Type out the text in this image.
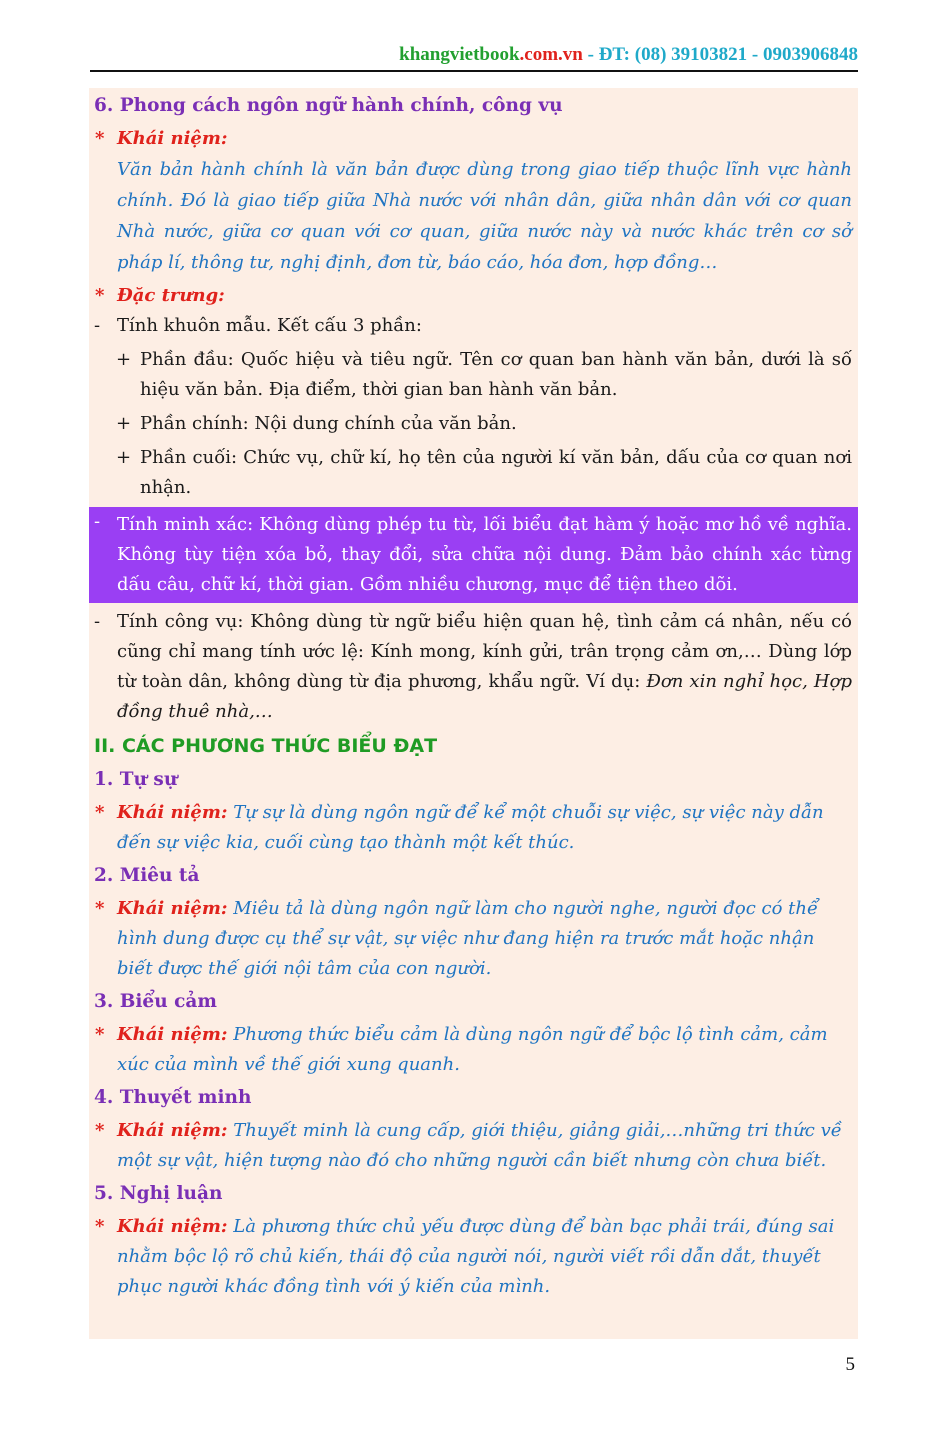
khangvietbook.com.vn - ĐT: (08) 39103821 - 0903906848
6. Phong cách ngôn ngữ hành chính, công vụ
* Khái niệm:
Văn bản hành chính là văn bản được dùng trong giao tiếp thuộc lĩnh vực hành chính. Đó là giao tiếp giữa Nhà nước với nhân dân, giữa nhân dân với cơ quan Nhà nước, giữa cơ quan với cơ quan, giữa nước này và nước khác trên cơ sở pháp lí, thông tư, nghị định, đơn từ, báo cáo, hóa đơn, hợp đồng…
* Đặc trưng:
- Tính khuôn mẫu. Kết cấu 3 phần:
+ Phần đầu: Quốc hiệu và tiêu ngữ. Tên cơ quan ban hành văn bản, dưới là số hiệu văn bản. Địa điểm, thời gian ban hành văn bản.
+ Phần chính: Nội dung chính của văn bản.
+ Phần cuối: Chức vụ, chữ kí, họ tên của người kí văn bản, dấu của cơ quan nơi nhận.
- Tính minh xác: Không dùng phép tu từ, lối biểu đạt hàm ý hoặc mơ hồ về nghĩa. Không tùy tiện xóa bỏ, thay đổi, sửa chữa nội dung. Đảm bảo chính xác từng dấu câu, chữ kí, thời gian. Gồm nhiều chương, mục để tiện theo dõi.
- Tính công vụ: Không dùng từ ngữ biểu hiện quan hệ, tình cảm cá nhân, nếu có cũng chỉ mang tính ước lệ: Kính mong, kính gửi, trân trọng cảm ơn,… Dùng lớp từ toàn dân, không dùng từ địa phương, khẩu ngữ. Ví dụ: Đơn xin nghỉ học, Hợp đồng thuê nhà,…
II. CÁC PHƯƠNG THỨC BIỂU ĐẠT
1. Tự sự
* Khái niệm: Tự sự là dùng ngôn ngữ để kể một chuỗi sự việc, sự việc này dẫn đến sự việc kia, cuối cùng tạo thành một kết thúc.
2. Miêu tả
* Khái niệm: Miêu tả là dùng ngôn ngữ làm cho người nghe, người đọc có thể hình dung được cụ thể sự vật, sự việc như đang hiện ra trước mắt hoặc nhận biết được thế giới nội tâm của con người.
3. Biểu cảm
* Khái niệm: Phương thức biểu cảm là dùng ngôn ngữ để bộc lộ tình cảm, cảm xúc của mình về thế giới xung quanh.
4. Thuyết minh
* Khái niệm: Thuyết minh là cung cấp, giới thiệu, giảng giải,…những tri thức về một sự vật, hiện tượng nào đó cho những người cần biết nhưng còn chưa biết.
5. Nghị luận
* Khái niệm: Là phương thức chủ yếu được dùng để bàn bạc phải trái, đúng sai nhằm bộc lộ rõ chủ kiến, thái độ của người nói, người viết rồi dẫn dắt, thuyết phục người khác đồng tình với ý kiến của mình.
5
